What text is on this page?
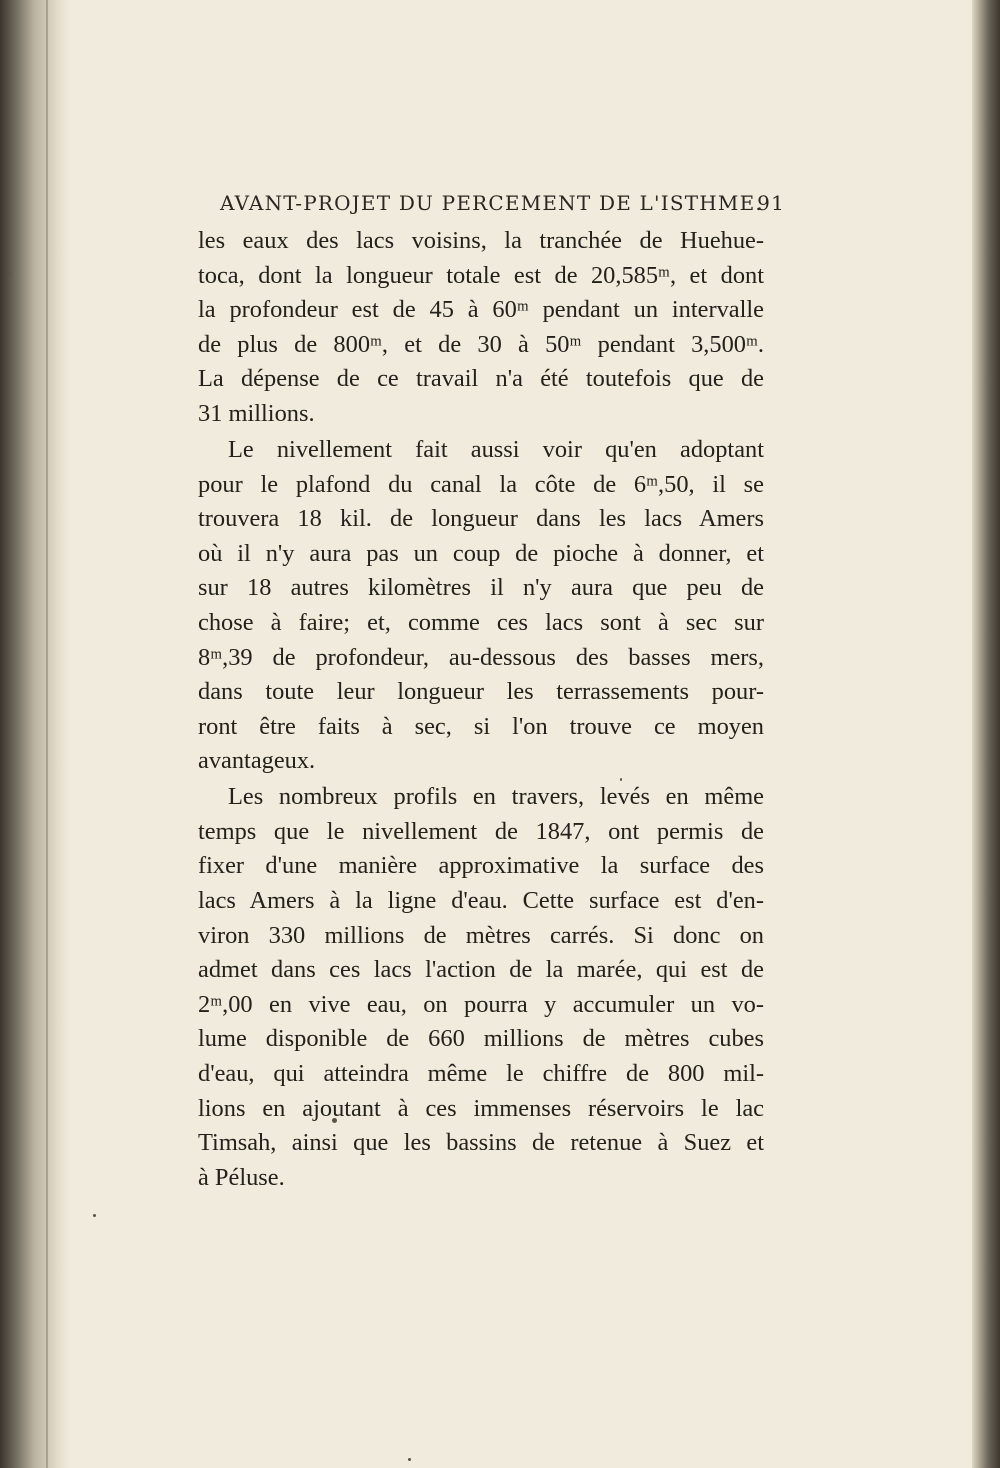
AVANT-PROJET DU PERCEMENT DE L'ISTHME.
91
les eaux des lacs voisins, la tranchée de Huehue-
toca, dont la longueur totale est de 20,585ᵐ, et dont
la profondeur est de 45 à 60ᵐ pendant un intervalle
de plus de 800ᵐ, et de 30 à 50ᵐ pendant 3,500ᵐ.
La dépense de ce travail n'a été toutefois que de
31 millions.
Le nivellement fait aussi voir qu'en adoptant
pour le plafond du canal la côte de 6ᵐ,50, il se
trouvera 18 kil. de longueur dans les lacs Amers
où il n'y aura pas un coup de pioche à donner, et
sur 18 autres kilomètres il n'y aura que peu de
chose à faire; et, comme ces lacs sont à sec sur
8ᵐ,39 de profondeur, au-dessous des basses mers,
dans toute leur longueur les terrassements pour-
ront être faits à sec, si l'on trouve ce moyen
avantageux.
Les nombreux profils en travers, levés en même
temps que le nivellement de 1847, ont permis de
fixer d'une manière approximative la surface des
lacs Amers à la ligne d'eau. Cette surface est d'en-
viron 330 millions de mètres carrés. Si donc on
admet dans ces lacs l'action de la marée, qui est de
2ᵐ,00 en vive eau, on pourra y accumuler un vo-
lume disponible de 660 millions de mètres cubes
d'eau, qui atteindra même le chiffre de 800 mil-
lions en ajoutant à ces immenses réservoirs le lac
Timsah, ainsi que les bassins de retenue à Suez et
à Péluse.
